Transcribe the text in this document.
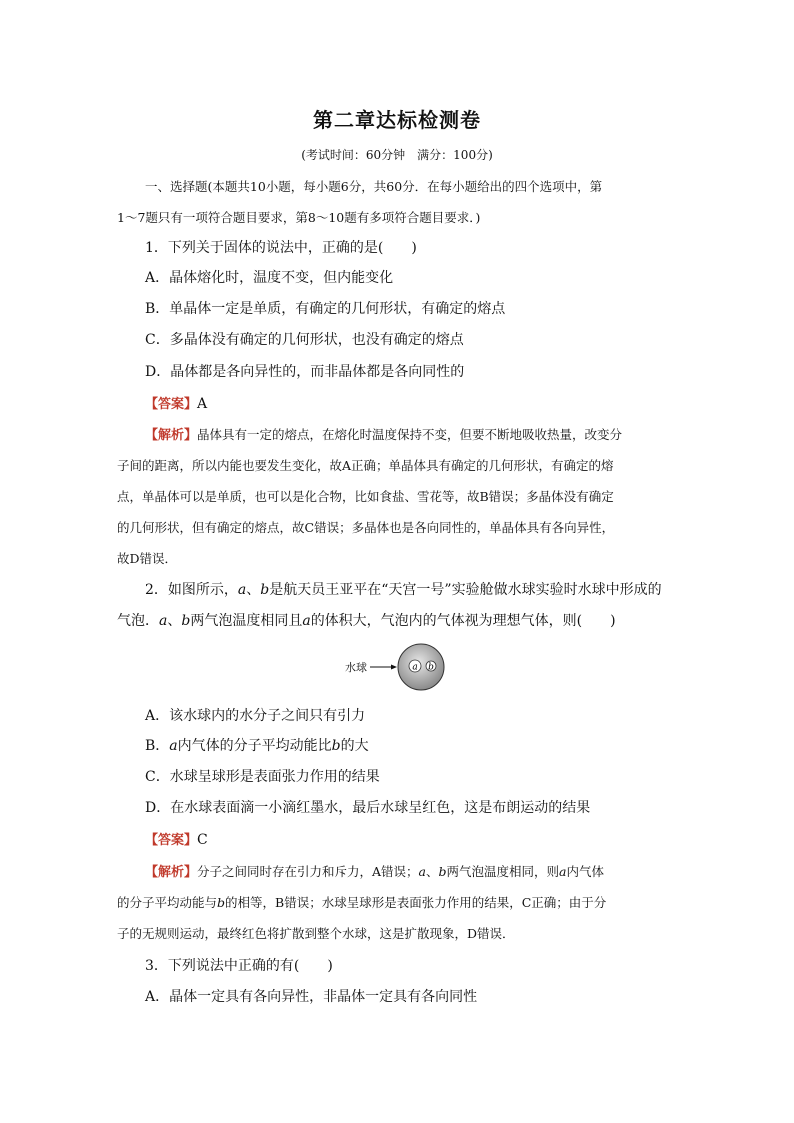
第二章达标检测卷
(考试时间：60分钟　满分：100分)
一、选择题(本题共10小题，每小题6分，共60分．在每小题给出的四个选项中，第
1～7题只有一项符合题目要求，第8～10题有多项符合题目要求．)
1．下列关于固体的说法中，正确的是(　　)
A．晶体熔化时，温度不变，但内能变化
B．单晶体一定是单质，有确定的几何形状，有确定的熔点
C．多晶体没有确定的几何形状，也没有确定的熔点
D．晶体都是各向异性的，而非晶体都是各向同性的
【答案】A
【解析】晶体具有一定的熔点，在熔化时温度保持不变，但要不断地吸收热量，改变分
子间的距离，所以内能也要发生变化，故A正确；单晶体具有确定的几何形状，有确定的熔
点，单晶体可以是单质，也可以是化合物，比如食盐、雪花等，故B错误；多晶体没有确定
的几何形状，但有确定的熔点，故C错误；多晶体也是各向同性的，单晶体具有各向异性，
故D错误．
2．如图所示，a、b是航天员王亚平在“天宫一号”实验舱做水球实验时水球中形成的
气泡．a、b两气泡温度相同且a的体积大，气泡内的气体视为理想气体，则(　　)
水球	a b
A．该水球内的水分子之间只有引力
B．a内气体的分子平均动能比b的大
C．水球呈球形是表面张力作用的结果
D．在水球表面滴一小滴红墨水，最后水球呈红色，这是布朗运动的结果
【答案】C
【解析】分子之间同时存在引力和斥力，A错误；a、b两气泡温度相同，则a内气体
的分子平均动能与b的相等，B错误；水球呈球形是表面张力作用的结果，C正确；由于分
子的无规则运动，最终红色将扩散到整个水球，这是扩散现象，D错误．
3．下列说法中正确的有(　　)
A．晶体一定具有各向异性，非晶体一定具有各向同性
